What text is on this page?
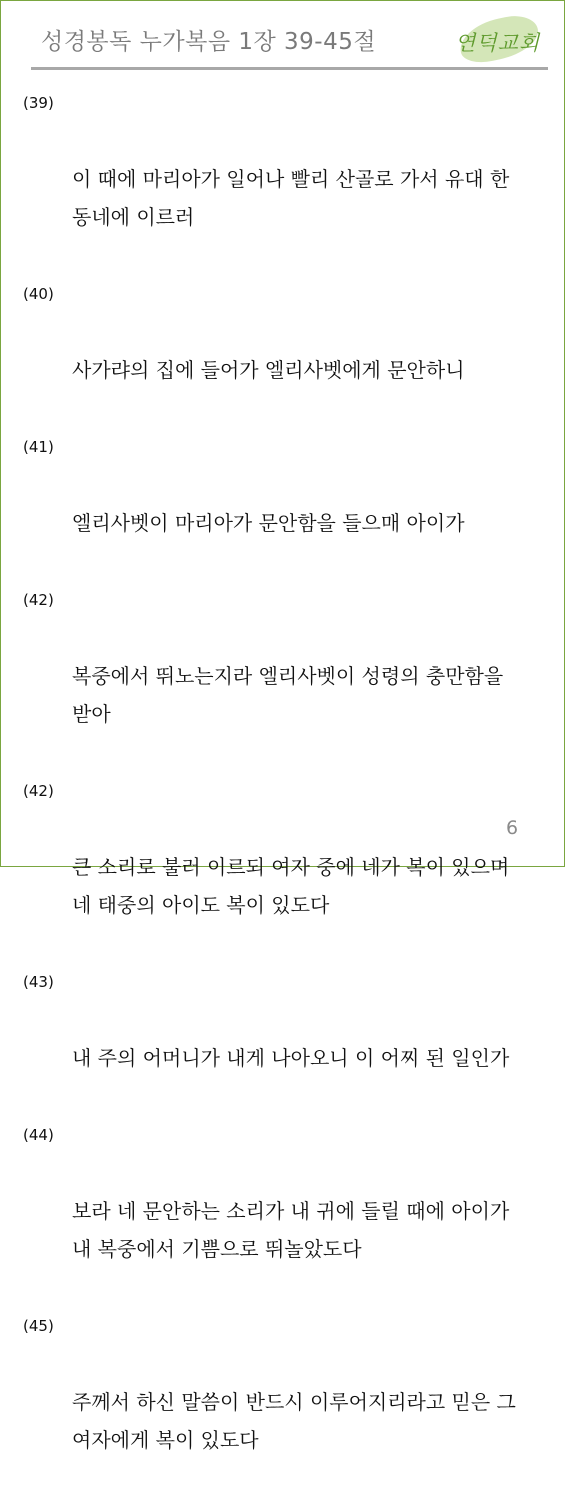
성경봉독 누가복음 1장 39-45절	연덕교회

(39)

이 때에 마리아가 일어나 빨리 산골로 가서 유대 한
동네에 이르러

(40)

사가랴의 집에 들어가 엘리사벳에게 문안하니

(41)

엘리사벳이 마리아가 문안함을 들으매 아이가

(42)

복중에서 뛰노는지라 엘리사벳이 성령의 충만함을
받아

(42)

큰 소리로 불러 이르되 여자 중에 네가 복이 있으며
네 태중의 아이도 복이 있도다

(43)

내 주의 어머니가 내게 나아오니 이 어찌 된 일인가

(44)

보라 네 문안하는 소리가 내 귀에 들릴 때에 아이가
내 복중에서 기쁨으로 뛰놀았도다

(45)

주께서 하신 말씀이 반드시 이루어지리라고 믿은 그
여자에게 복이 있도다

6
